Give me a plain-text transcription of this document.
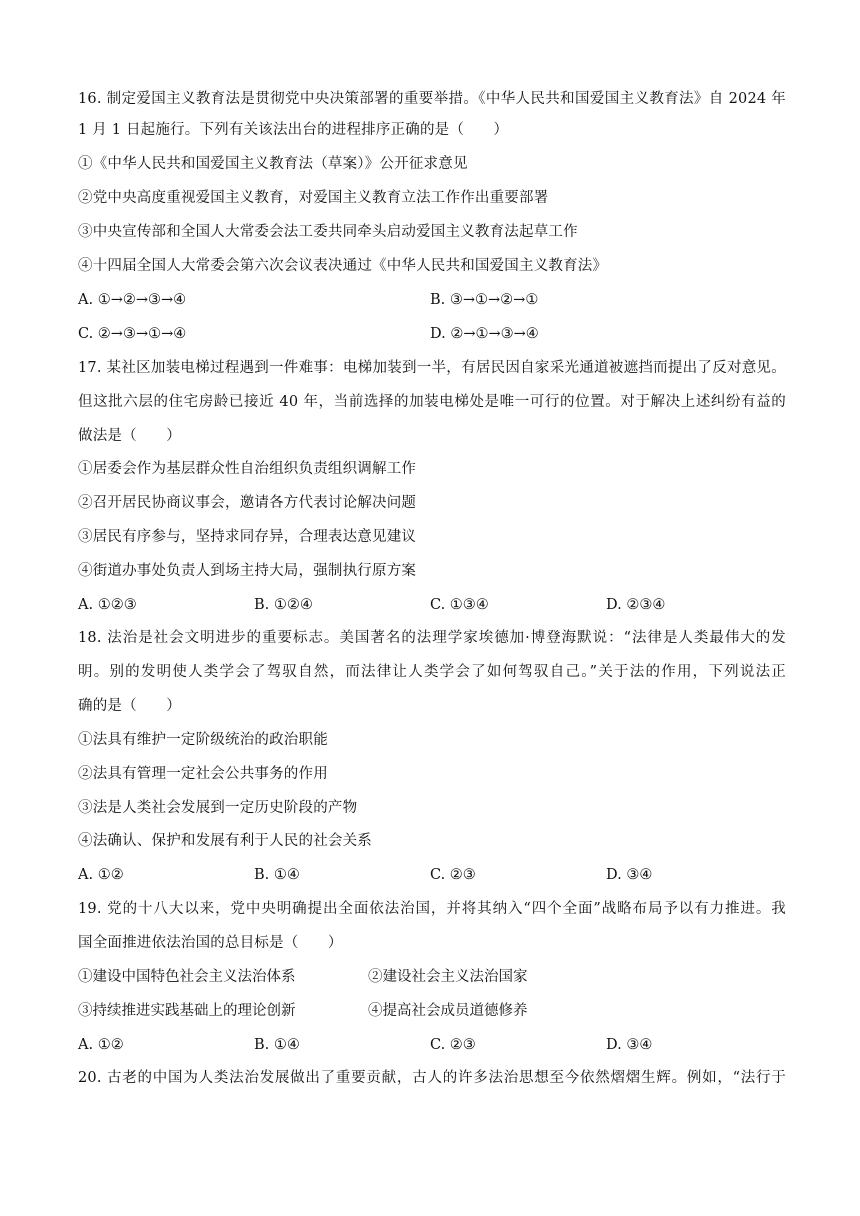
16. 制定爱国主义教育法是贯彻党中央决策部署的重要举措。《中华人民共和国爱国主义教育法》自 2024 年
1 月 1 日起施行。下列有关该法出台的进程排序正确的是（　　）
①《中华人民共和国爱国主义教育法（草案）》公开征求意见
②党中央高度重视爱国主义教育，对爱国主义教育立法工作作出重要部署
③中央宣传部和全国人大常委会法工委共同牵头启动爱国主义教育法起草工作
④十四届全国人大常委会第六次会议表决通过《中华人民共和国爱国主义教育法》
A. ①→②→③→④	B. ③→①→②→①
C. ②→③→①→④	D. ②→①→③→④
17. 某社区加装电梯过程遇到一件难事：电梯加装到一半，有居民因自家采光通道被遮挡而提出了反对意见。
但这批六层的住宅房龄已接近 40 年，当前选择的加装电梯处是唯一可行的位置。对于解决上述纠纷有益的
做法是（　　）
①居委会作为基层群众性自治组织负责组织调解工作
②召开居民协商议事会，邀请各方代表讨论解决问题
③居民有序参与，坚持求同存异，合理表达意见建议
④街道办事处负责人到场主持大局，强制执行原方案
A. ①②③	B. ①②④	C. ①③④	D. ②③④
18. 法治是社会文明进步的重要标志。美国著名的法理学家埃德加·博登海默说：“法律是人类最伟大的发
明。别的发明使人类学会了驾驭自然，而法律让人类学会了如何驾驭自己。”关于法的作用，下列说法正
确的是（　　）
①法具有维护一定阶级统治的政治职能
②法具有管理一定社会公共事务的作用
③法是人类社会发展到一定历史阶段的产物
④法确认、保护和发展有利于人民的社会关系
A. ①②	B. ①④	C. ②③	D. ③④
19. 党的十八大以来，党中央明确提出全面依法治国，并将其纳入“四个全面”战略布局予以有力推进。我
国全面推进依法治国的总目标是（　　）
①建设中国特色社会主义法治体系	②建设社会主义法治国家
③持续推进实践基础上的理论创新	④提高社会成员道德修养
A. ①②	B. ①④	C. ②③	D. ③④
20. 古老的中国为人类法治发展做出了重要贡献，古人的许多法治思想至今依然熠熠生辉。例如，“法行于
